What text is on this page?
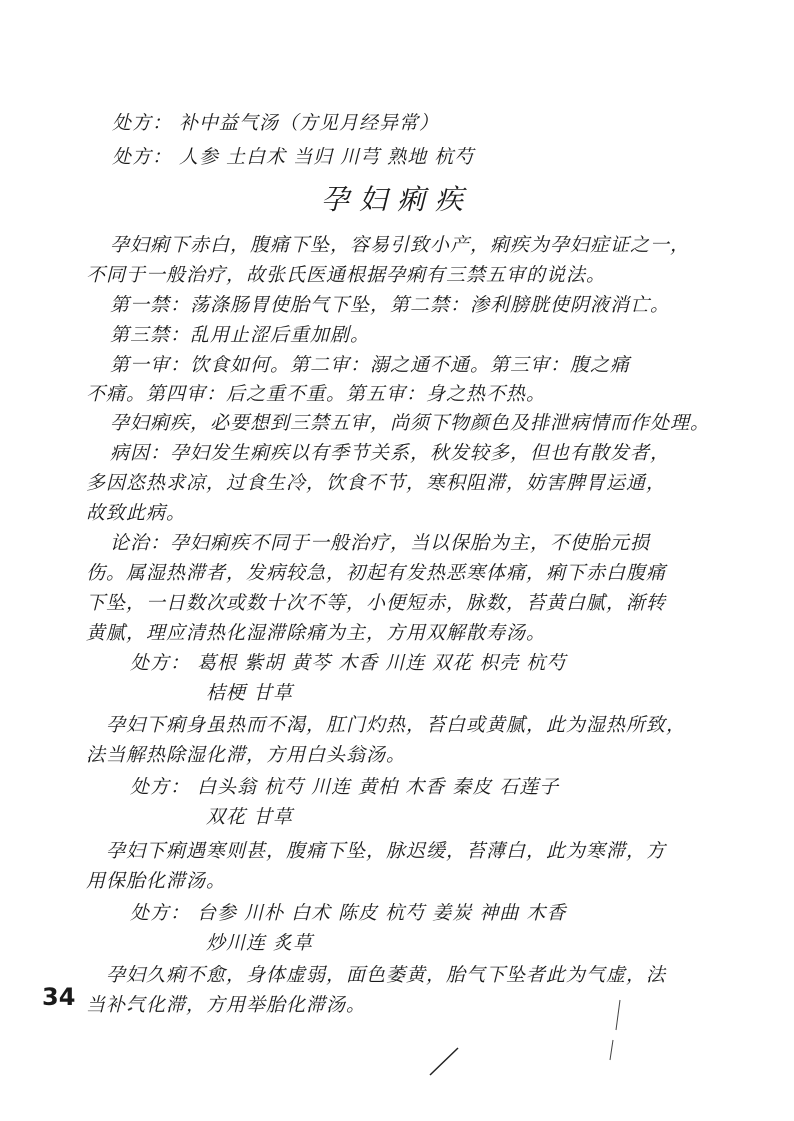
处方： 补中益气汤（方见月经异常）
处方： 人参 土白术 当归 川芎 熟地 杭芍
孕妇痢疾
孕妇痢下赤白，腹痛下坠，容易引致小产，痢疾为孕妇症证之一，
不同于一般治疗，故张氏医通根据孕痢有三禁五审的说法。
第一禁：荡涤肠胃使胎气下坠，第二禁：渗利膀胱使阴液消亡。
第三禁：乱用止涩后重加剧。
第一审：饮食如何。第二审：溺之通不通。第三审：腹之痛
不痛。第四审：后之重不重。第五审：身之热不热。
孕妇痢疾，必要想到三禁五审，尚须下物颜色及排泄病情而作处理。
病因：孕妇发生痢疾以有季节关系，秋发较多，但也有散发者，
多因恣热求凉，过食生冷，饮食不节，寒积阻滞，妨害脾胃运通，
故致此病。
论治：孕妇痢疾不同于一般治疗，当以保胎为主，不使胎元损
伤。属湿热滞者，发病较急，初起有发热恶寒体痛，痢下赤白腹痛
下坠，一日数次或数十次不等，小便短赤，脉数，苔黄白腻，渐转
黄腻，理应清热化湿滞除痛为主，方用双解散寿汤。
处方： 葛根 紫胡 黄芩 木香 川连 双花 枳壳 杭芍
桔梗 甘草
孕妇下痢身虽热而不渴，肛门灼热，苔白或黄腻，此为湿热所致，
法当解热除湿化滞，方用白头翁汤。
处方： 白头翁 杭芍 川连 黄柏 木香 秦皮 石莲子
双花 甘草
孕妇下痢遇寒则甚，腹痛下坠，脉迟缓，苔薄白，此为寒滞，方
用保胎化滞汤。
处方： 台参 川朴 白术 陈皮 杭芍 姜炭 神曲 木香
炒川连 炙草
孕妇久痢不愈，身体虚弱，面色萎黄，胎气下坠者此为气虚，法
当补气化滞，方用举胎化滞汤。
34
